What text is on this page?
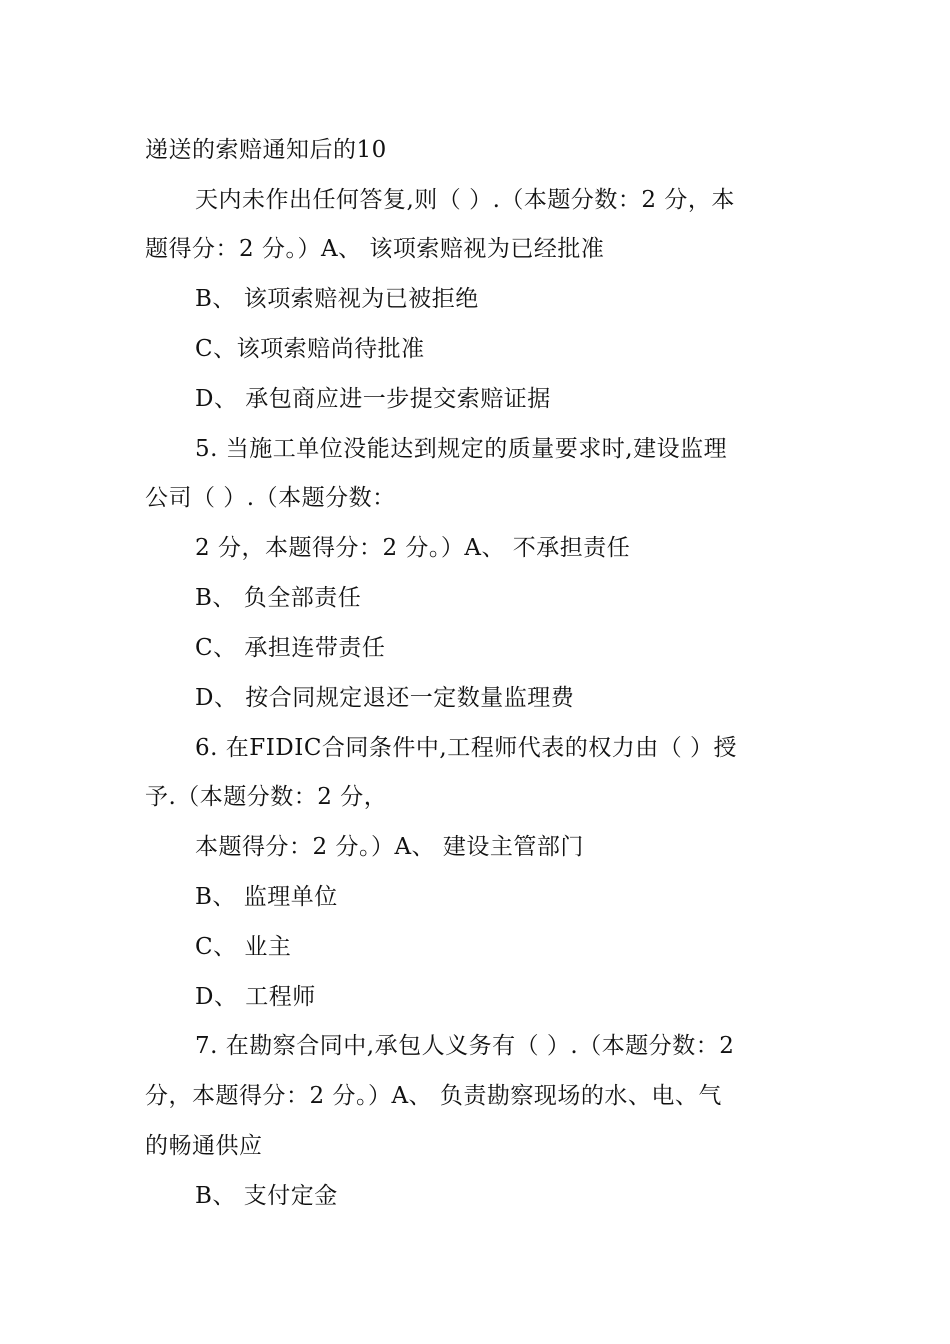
递送的索赔通知后的10
天内未作出任何答复,则（ ）.（本题分数：2 分，本
题得分：2 分。）A、 该项索赔视为已经批准
B、 该项索赔视为已被拒绝
C、该项索赔尚待批准
D、 承包商应进一步提交索赔证据
5. 当施工单位没能达到规定的质量要求时,建设监理
公司（ ）.（本题分数：
2 分，本题得分：2 分。）A、 不承担责任
B、 负全部责任
C、 承担连带责任
D、 按合同规定退还一定数量监理费
6. 在FIDIC合同条件中,工程师代表的权力由（ ）授
予.（本题分数：2 分，
本题得分：2 分。）A、 建设主管部门
B、 监理单位
C、 业主
D、 工程师
7. 在勘察合同中,承包人义务有（ ）.（本题分数：2
分，本题得分：2 分。）A、 负责勘察现场的水、电、气
的畅通供应
B、 支付定金
